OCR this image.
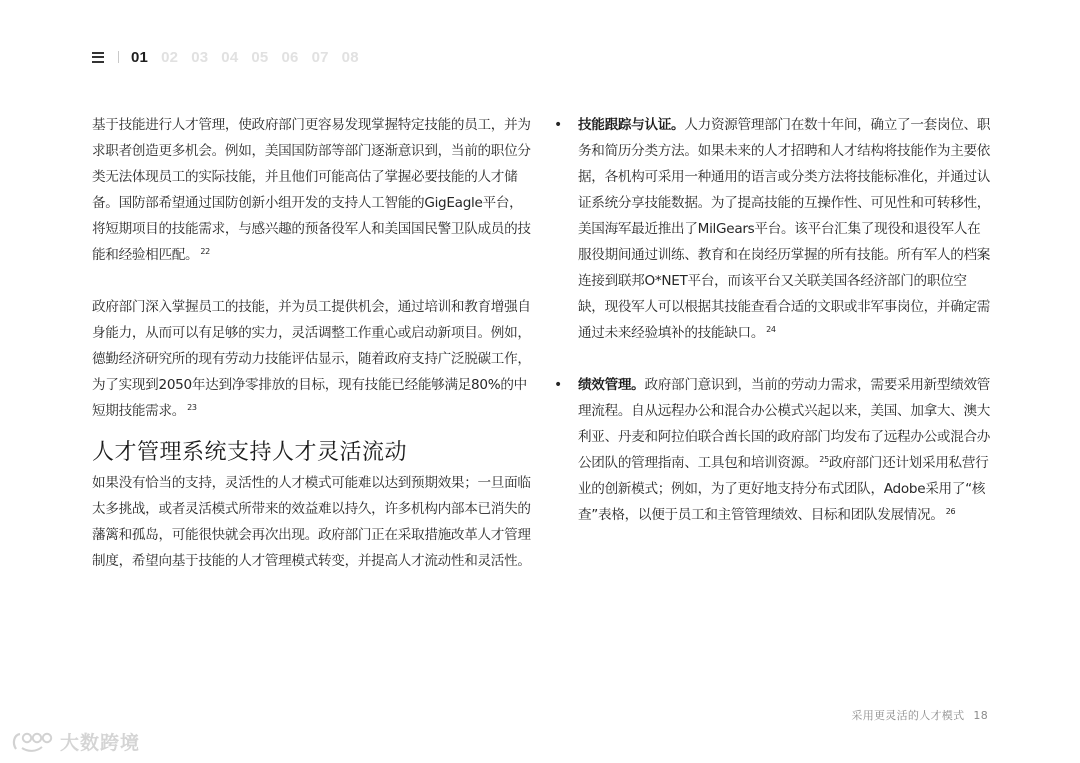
01 02 03 04 05 06 07 08

基于技能进行人才管理，使政府部门更容易发现掌握特定技能的员工，并为求职者创造更多机会。例如，美国国防部等部门逐渐意识到，当前的职位分类无法体现员工的实际技能，并且他们可能高估了掌握必要技能的人才储备。国防部希望通过国防创新小组开发的支持人工智能的GigEagle平台，将短期项目的技能需求，与感兴趣的预备役军人和美国国民警卫队成员的技能和经验相匹配。 $^{22}$

政府部门深入掌握员工的技能，并为员工提供机会，通过培训和教育增强自身能力，从而可以有足够的实力，灵活调整工作重心或启动新项目。例如，德勤经济研究所的现有劳动力技能评估显示，随着政府支持广泛脱碳工作，为了实现到2050年达到净零排放的目标，现有技能已经能够满足80%的中短期技能需求。 $^{23}$

人才管理系统支持人才灵活流动

如果没有恰当的支持，灵活性的人才模式可能难以达到预期效果；一旦面临太多挑战，或者灵活模式所带来的效益难以持久，许多机构内部本已消失的藩篱和孤岛，可能很快就会再次出现。政府部门正在采取措施改革人才管理制度，希望向基于技能的人才管理模式转变，并提高人才流动性和灵活性。

• 技能跟踪与认证。人力资源管理部门在数十年间，确立了一套岗位、职务和简历分类方法。如果未来的人才招聘和人才结构将技能作为主要依据，各机构可采用一种通用的语言或分类方法将技能标准化，并通过认证系统分享技能数据。为了提高技能的互操作性、可见性和可转移性，美国海军最近推出了MilGears平台。该平台汇集了现役和退役军人在服役期间通过训练、教育和在岗经历掌握的所有技能。所有军人的档案连接到联邦O*NET平台，而该平台又关联美国各经济部门的职位空缺，现役军人可以根据其技能查看合适的文职或非军事岗位，并确定需通过未来经验填补的技能缺口。 $^{24}$

• 绩效管理。政府部门意识到，当前的劳动力需求，需要采用新型绩效管理流程。自从远程办公和混合办公模式兴起以来，美国、加拿大、澳大利亚、丹麦和阿拉伯联合酋长国的政府部门均发布了远程办公或混合办公团队的管理指南、工具包和培训资源。 $^{25}$政府部门还计划采用私营行业的创新模式；例如，为了更好地支持分布式团队，Adobe采用了“核查”表格，以便于员工和主管管理绩效、目标和团队发展情况。 $^{26}$

采用更灵活的人才模式 18
大数跨境
